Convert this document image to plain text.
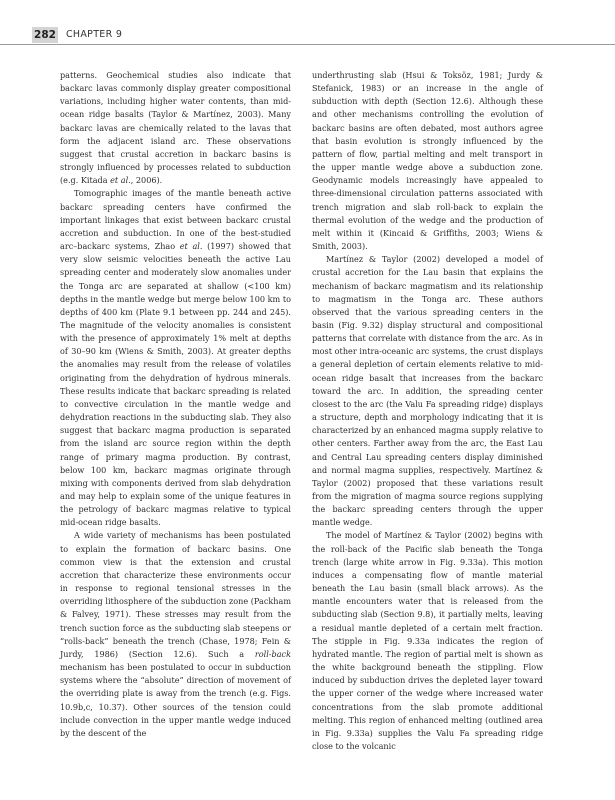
282 CHAPTER 9

patterns. Geochemical studies also indicate that backarc lavas commonly display greater compositional variations, including higher water contents, than mid-ocean ridge basalts (Taylor & Martínez, 2003). Many backarc lavas are chemically related to the lavas that form the adjacent island arc. These observations suggest that crustal accretion in backarc basins is strongly influenced by processes related to subduction (e.g. Kitada et al., 2006).

Tomographic images of the mantle beneath active backarc spreading centers have confirmed the important linkages that exist between backarc crustal accretion and subduction. In one of the best-studied arc–backarc systems, Zhao et al. (1997) showed that very slow seismic velocities beneath the active Lau spreading center and moderately slow anomalies under the Tonga arc are separated at shallow (<100 km) depths in the mantle wedge but merge below 100 km to depths of 400 km (Plate 9.1 between pp. 244 and 245). The magnitude of the velocity anomalies is consistent with the presence of approximately 1% melt at depths of 30–90 km (Wiens & Smith, 2003). At greater depths the anomalies may result from the release of volatiles originating from the dehydration of hydrous minerals. These results indicate that backarc spreading is related to convective circulation in the mantle wedge and dehydration reactions in the subducting slab. They also suggest that backarc magma production is separated from the island arc source region within the depth range of primary magma production. By contrast, below 100 km, backarc magmas originate through mixing with components derived from slab dehydration and may help to explain some of the unique features in the petrology of backarc magmas relative to typical mid-ocean ridge basalts.

A wide variety of mechanisms has been postulated to explain the formation of backarc basins. One common view is that the extension and crustal accretion that characterize these environments occur in response to regional tensional stresses in the overriding lithosphere of the subduction zone (Packham & Falvey, 1971). These stresses may result from the trench suction force as the subducting slab steepens or “rolls-back” beneath the trench (Chase, 1978; Fein & Jurdy, 1986) (Section 12.6). Such a roll-back mechanism has been postulated to occur in subduction systems where the “absolute” direction of movement of the overriding plate is away from the trench (e.g. Figs. 10.9b,c, 10.37). Other sources of the tension could include convection in the upper mantle wedge induced by the descent of the

underthrusting slab (Hsui & Toksöz, 1981; Jurdy & Stefanick, 1983) or an increase in the angle of subduction with depth (Section 12.6). Although these and other mechanisms controlling the evolution of backarc basins are often debated, most authors agree that basin evolution is strongly influenced by the pattern of flow, partial melting and melt transport in the upper mantle wedge above a subduction zone. Geodynamic models increasingly have appealed to three-dimensional circulation patterns associated with trench migration and slab roll-back to explain the thermal evolution of the wedge and the production of melt within it (Kincaid & Griffiths, 2003; Wiens & Smith, 2003).

Martínez & Taylor (2002) developed a model of crustal accretion for the Lau basin that explains the mechanism of backarc magmatism and its relationship to magmatism in the Tonga arc. These authors observed that the various spreading centers in the basin (Fig. 9.32) display structural and compositional patterns that correlate with distance from the arc. As in most other intra-oceanic arc systems, the crust displays a general depletion of certain elements relative to mid-ocean ridge basalt that increases from the backarc toward the arc. In addition, the spreading center closest to the arc (the Valu Fa spreading ridge) displays a structure, depth and morphology indicating that it is characterized by an enhanced magma supply relative to other centers. Farther away from the arc, the East Lau and Central Lau spreading centers display diminished and normal magma supplies, respectively. Martínez & Taylor (2002) proposed that these variations result from the migration of magma source regions supplying the backarc spreading centers through the upper mantle wedge.

The model of Martínez & Taylor (2002) begins with the roll-back of the Pacific slab beneath the Tonga trench (large white arrow in Fig. 9.33a). This motion induces a compensating flow of mantle material beneath the Lau basin (small black arrows). As the mantle encounters water that is released from the subducting slab (Section 9.8), it partially melts, leaving a residual mantle depleted of a certain melt fraction. The stipple in Fig. 9.33a indicates the region of hydrated mantle. The region of partial melt is shown as the white background beneath the stippling. Flow induced by subduction drives the depleted layer toward the upper corner of the wedge where increased water concentrations from the slab promote additional melting. This region of enhanced melting (outlined area in Fig. 9.33a) supplies the Valu Fa spreading ridge close to the volcanic
